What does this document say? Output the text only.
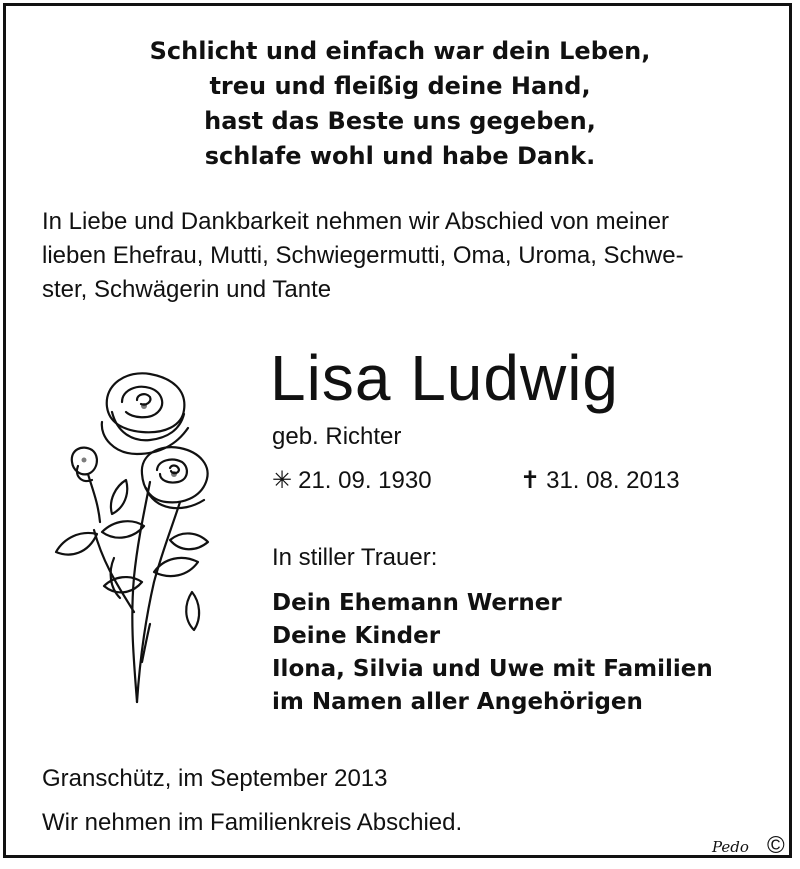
Schlicht und einfach war dein Leben,
treu und fleißig deine Hand,
hast das Beste uns gegeben,
schlafe wohl und habe Dank.
In Liebe und Dankbarkeit nehmen wir Abschied von meiner
lieben Ehefrau, Mutti, Schwiegermutti, Oma, Uroma, Schwe-
ster, Schwägerin und Tante
Lisa Ludwig
geb. Richter
✳ 21. 09. 1930	✝ 31. 08. 2013
In stiller Trauer:
Dein Ehemann Werner
Deine Kinder
Ilona, Silvia und Uwe mit Familien
im Namen aller Angehörigen
Granschütz, im September 2013
Wir nehmen im Familienkreis Abschied.
Pedo ©
